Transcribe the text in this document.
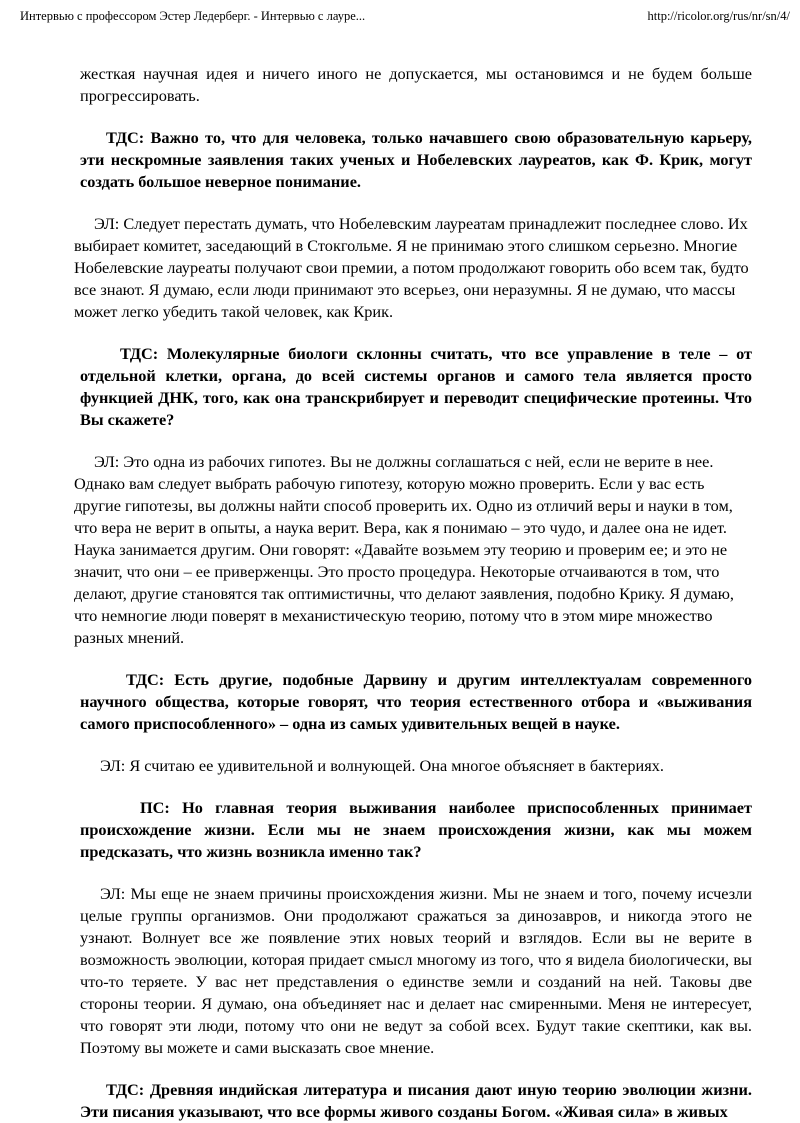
Интервью с профессором Эстер Ледерберг. - Интервью с лауре...	http://ricolor.org/rus/nr/sn/4/

жесткая научная идея и ничего иного не допускается, мы остановимся и не будем больше прогрессировать.

ТДС: Важно то, что для человека, только начавшего свою образовательную карьеру, эти нескромные заявления таких ученых и Нобелевских лауреатов, как Ф. Крик, могут создать большое неверное понимание.

ЭЛ: Следует перестать думать, что Нобелевским лауреатам принадлежит последнее слово. Их выбирает комитет, заседающий в Стокгольме. Я не принимаю этого слишком серьезно. Многие Нобелевские лауреаты получают свои премии, а потом продолжают говорить обо всем так, будто все знают. Я думаю, если люди принимают это всерьез, они неразумны. Я не думаю, что массы может легко убедить такой человек, как Крик.

ТДС: Молекулярные биологи склонны считать, что все управление в теле – от отдельной клетки, органа, до всей системы органов и самого тела является просто функцией ДНК, того, как она транскрибирует и переводит специфические протеины. Что Вы скажете?

ЭЛ: Это одна из рабочих гипотез. Вы не должны соглашаться с ней, если не верите в нее. Однако вам следует выбрать рабочую гипотезу, которую можно проверить. Если у вас есть другие гипотезы, вы должны найти способ проверить их. Одно из отличий веры и науки в том, что вера не верит в опыты, а наука верит. Вера, как я понимаю – это чудо, и далее она не идет. Наука занимается другим. Они говорят: «Давайте возьмем эту теорию и проверим ее; и это не значит, что они – ее приверженцы. Это просто процедура. Некоторые отчаиваются в том, что делают, другие становятся так оптимистичны, что делают заявления, подобно Крику. Я думаю, что немногие люди поверят в механистическую теорию, потому что в этом мире множество разных мнений.

ТДС: Есть другие, подобные Дарвину и другим интеллектуалам современного научного общества, которые говорят, что теория естественного отбора и «выживания самого приспособленного» – одна из самых удивительных вещей в науке.

ЭЛ: Я считаю ее удивительной и волнующей. Она многое объясняет в бактериях.

ПС: Но главная теория выживания наиболее приспособленных принимает происхождение жизни. Если мы не знаем происхождения жизни, как мы можем предсказать, что жизнь возникла именно так?

ЭЛ: Мы еще не знаем причины происхождения жизни. Мы не знаем и того, почему исчезли целые группы организмов. Они продолжают сражаться за динозавров, и никогда этого не узнают. Волнует все же появление этих новых теорий и взглядов. Если вы не верите в возможность эволюции, которая придает смысл многому из того, что я видела биологически, вы что-то теряете. У вас нет представления о единстве земли и созданий на ней. Таковы две стороны теории. Я думаю, она объединяет нас и делает нас смиренными. Меня не интересует, что говорят эти люди, потому что они не ведут за собой всех. Будут такие скептики, как вы. Поэтому вы можете и сами высказать свое мнение.

ТДС: Древняя индийская литература и писания дают иную теорию эволюции жизни. Эти писания указывают, что все формы живого созданы Богом. «Живая сила» в живых
